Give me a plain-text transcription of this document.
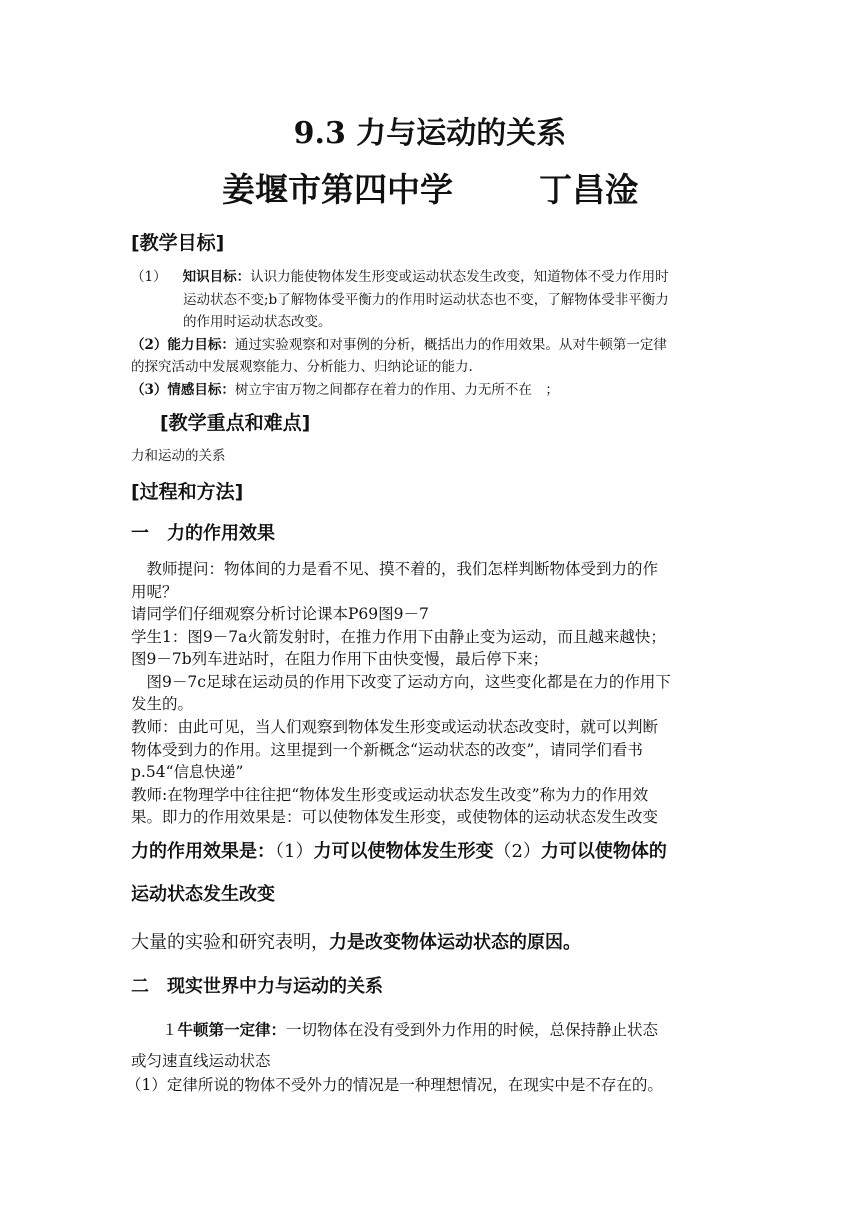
9.3 力与运动的关系
姜堰市第四中学	丁昌淦
[教学目标]
（1） 知识目标：认识力能使物体发生形变或运动状态发生改变，知道物体不受力作用时
运动状态不变;b了解物体受平衡力的作用时运动状态也不变，了解物体受非平衡力
的作用时运动状态改变。
（2）能力目标：通过实验观察和对事例的分析，概括出力的作用效果。从对牛顿第一定律
的探究活动中发展观察能力、分析能力、归纳论证的能力.
（3）情感目标：树立宇宙万物之间都存在着力的作用、力无所不在　；
[教学重点和难点]
力和运动的关系
[过程和方法]
一　力的作用效果
　教师提问：物体间的力是看不见、摸不着的，我们怎样判断物体受到力的作
用呢？
请同学们仔细观察分析讨论课本P69图9－7
学生1：图9－7a火箭发射时，在推力作用下由静止变为运动，而且越来越快；
图9－7b列车进站时，在阻力作用下由快变慢，最后停下来；
　图9－7c足球在运动员的作用下改变了运动方向，这些变化都是在力的作用下
发生的。
教师：由此可见，当人们观察到物体发生形变或运动状态改变时，就可以判断
物体受到力的作用。这里提到一个新概念“运动状态的改变”，请同学们看书
p.54“信息快递”
教师:在物理学中往往把“物体发生形变或运动状态发生改变”称为力的作用效
果。即力的作用效果是：可以使物体发生形变，或使物体的运动状态发生改变
力的作用效果是：（1）力可以使物体发生形变（2）力可以使物体的
运动状态发生改变
大量的实验和研究表明，力是改变物体运动状态的原因。
二　现实世界中力与运动的关系
　　１牛顿第一定律：一切物体在没有受到外力作用的时候，总保持静止状态
或匀速直线运动状态
（1）定律所说的物体不受外力的情况是一种理想情况，在现实中是不存在的。
